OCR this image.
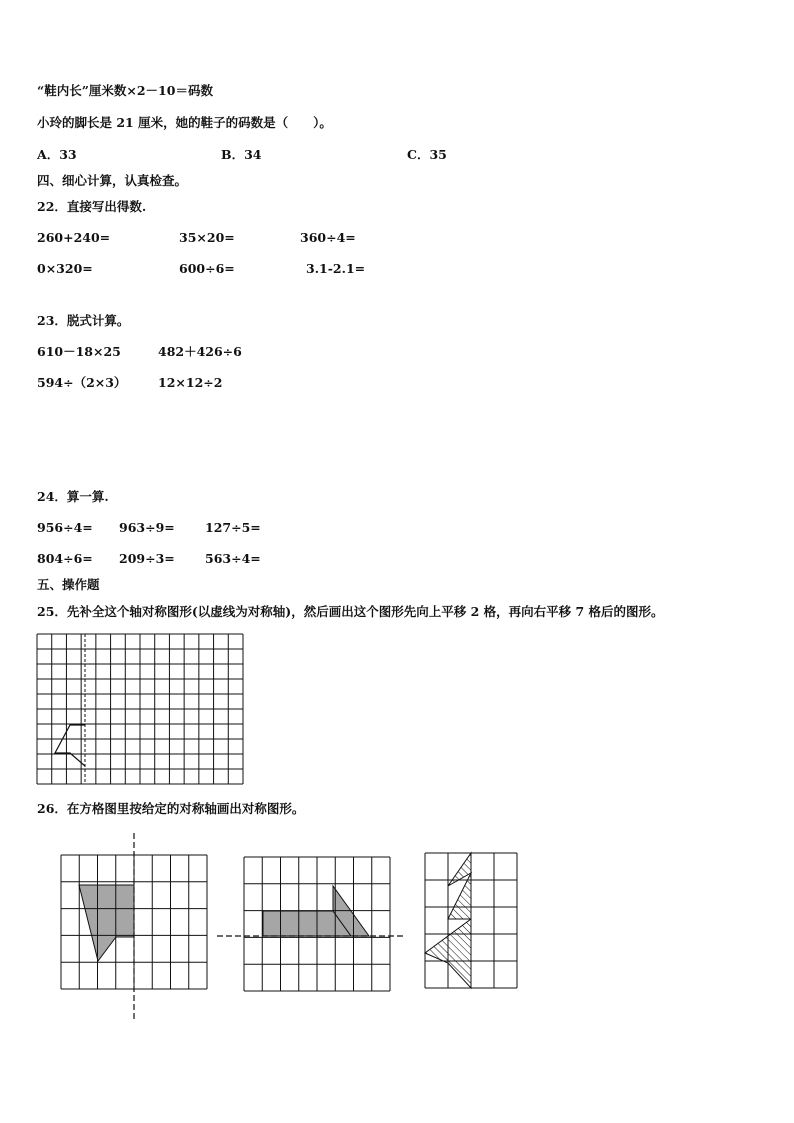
“鞋内长”厘米数×2－10＝码数
小玲的脚长是 21 厘米，她的鞋子的码数是（　　）。
A．33	B．34	C．35
四、细心计算，认真检查。
22．直接写出得数.
260+240=	35×20=	360÷4=
0×320=	600÷6=	3.1-2.1=
23．脱式计算。
610－18×25	482＋426÷6
594÷（2×3）	12×12÷2
24．算一算.
956÷4= 963÷9= 127÷5=
804÷6= 209÷3= 563÷4=
五、操作题
25．先补全这个轴对称图形(以虚线为对称轴)，然后画出这个图形先向上平移 2 格，再向右平移 7 格后的图形。
26．在方格图里按给定的对称轴画出对称图形。
